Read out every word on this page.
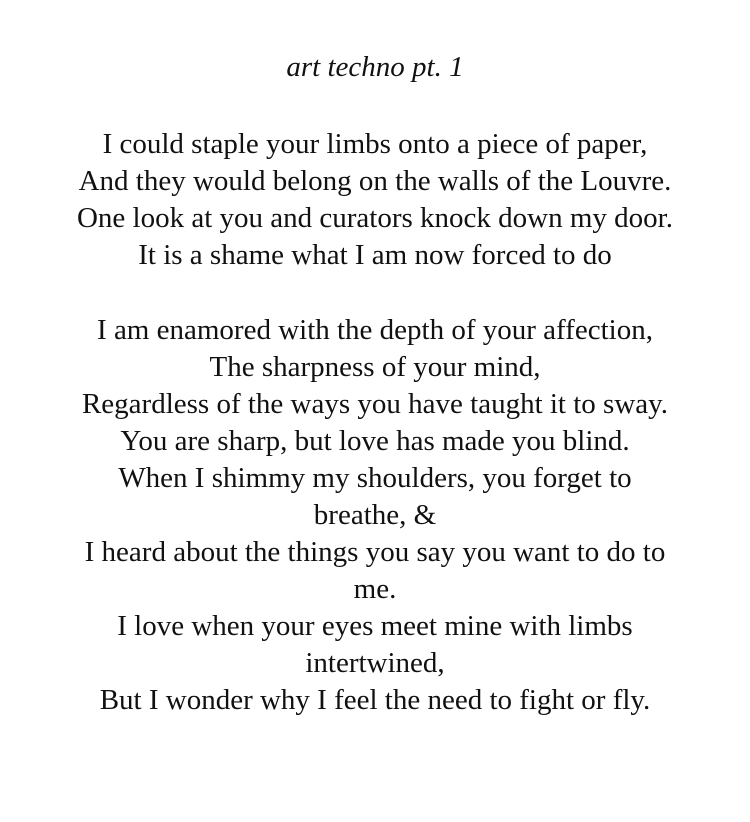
art techno pt. 1
I could staple your limbs onto a piece of paper,
And they would belong on the walls of the Louvre.
One look at you and curators knock down my door.
It is a shame what I am now forced to do
I am enamored with the depth of your affection,
The sharpness of your mind,
Regardless of the ways you have taught it to sway.
You are sharp, but love has made you blind.
When I shimmy my shoulders, you forget to
breathe, &
I heard about the things you say you want to do to
me.
I love when your eyes meet mine with limbs
intertwined,
But I wonder why I feel the need to fight or fly.
